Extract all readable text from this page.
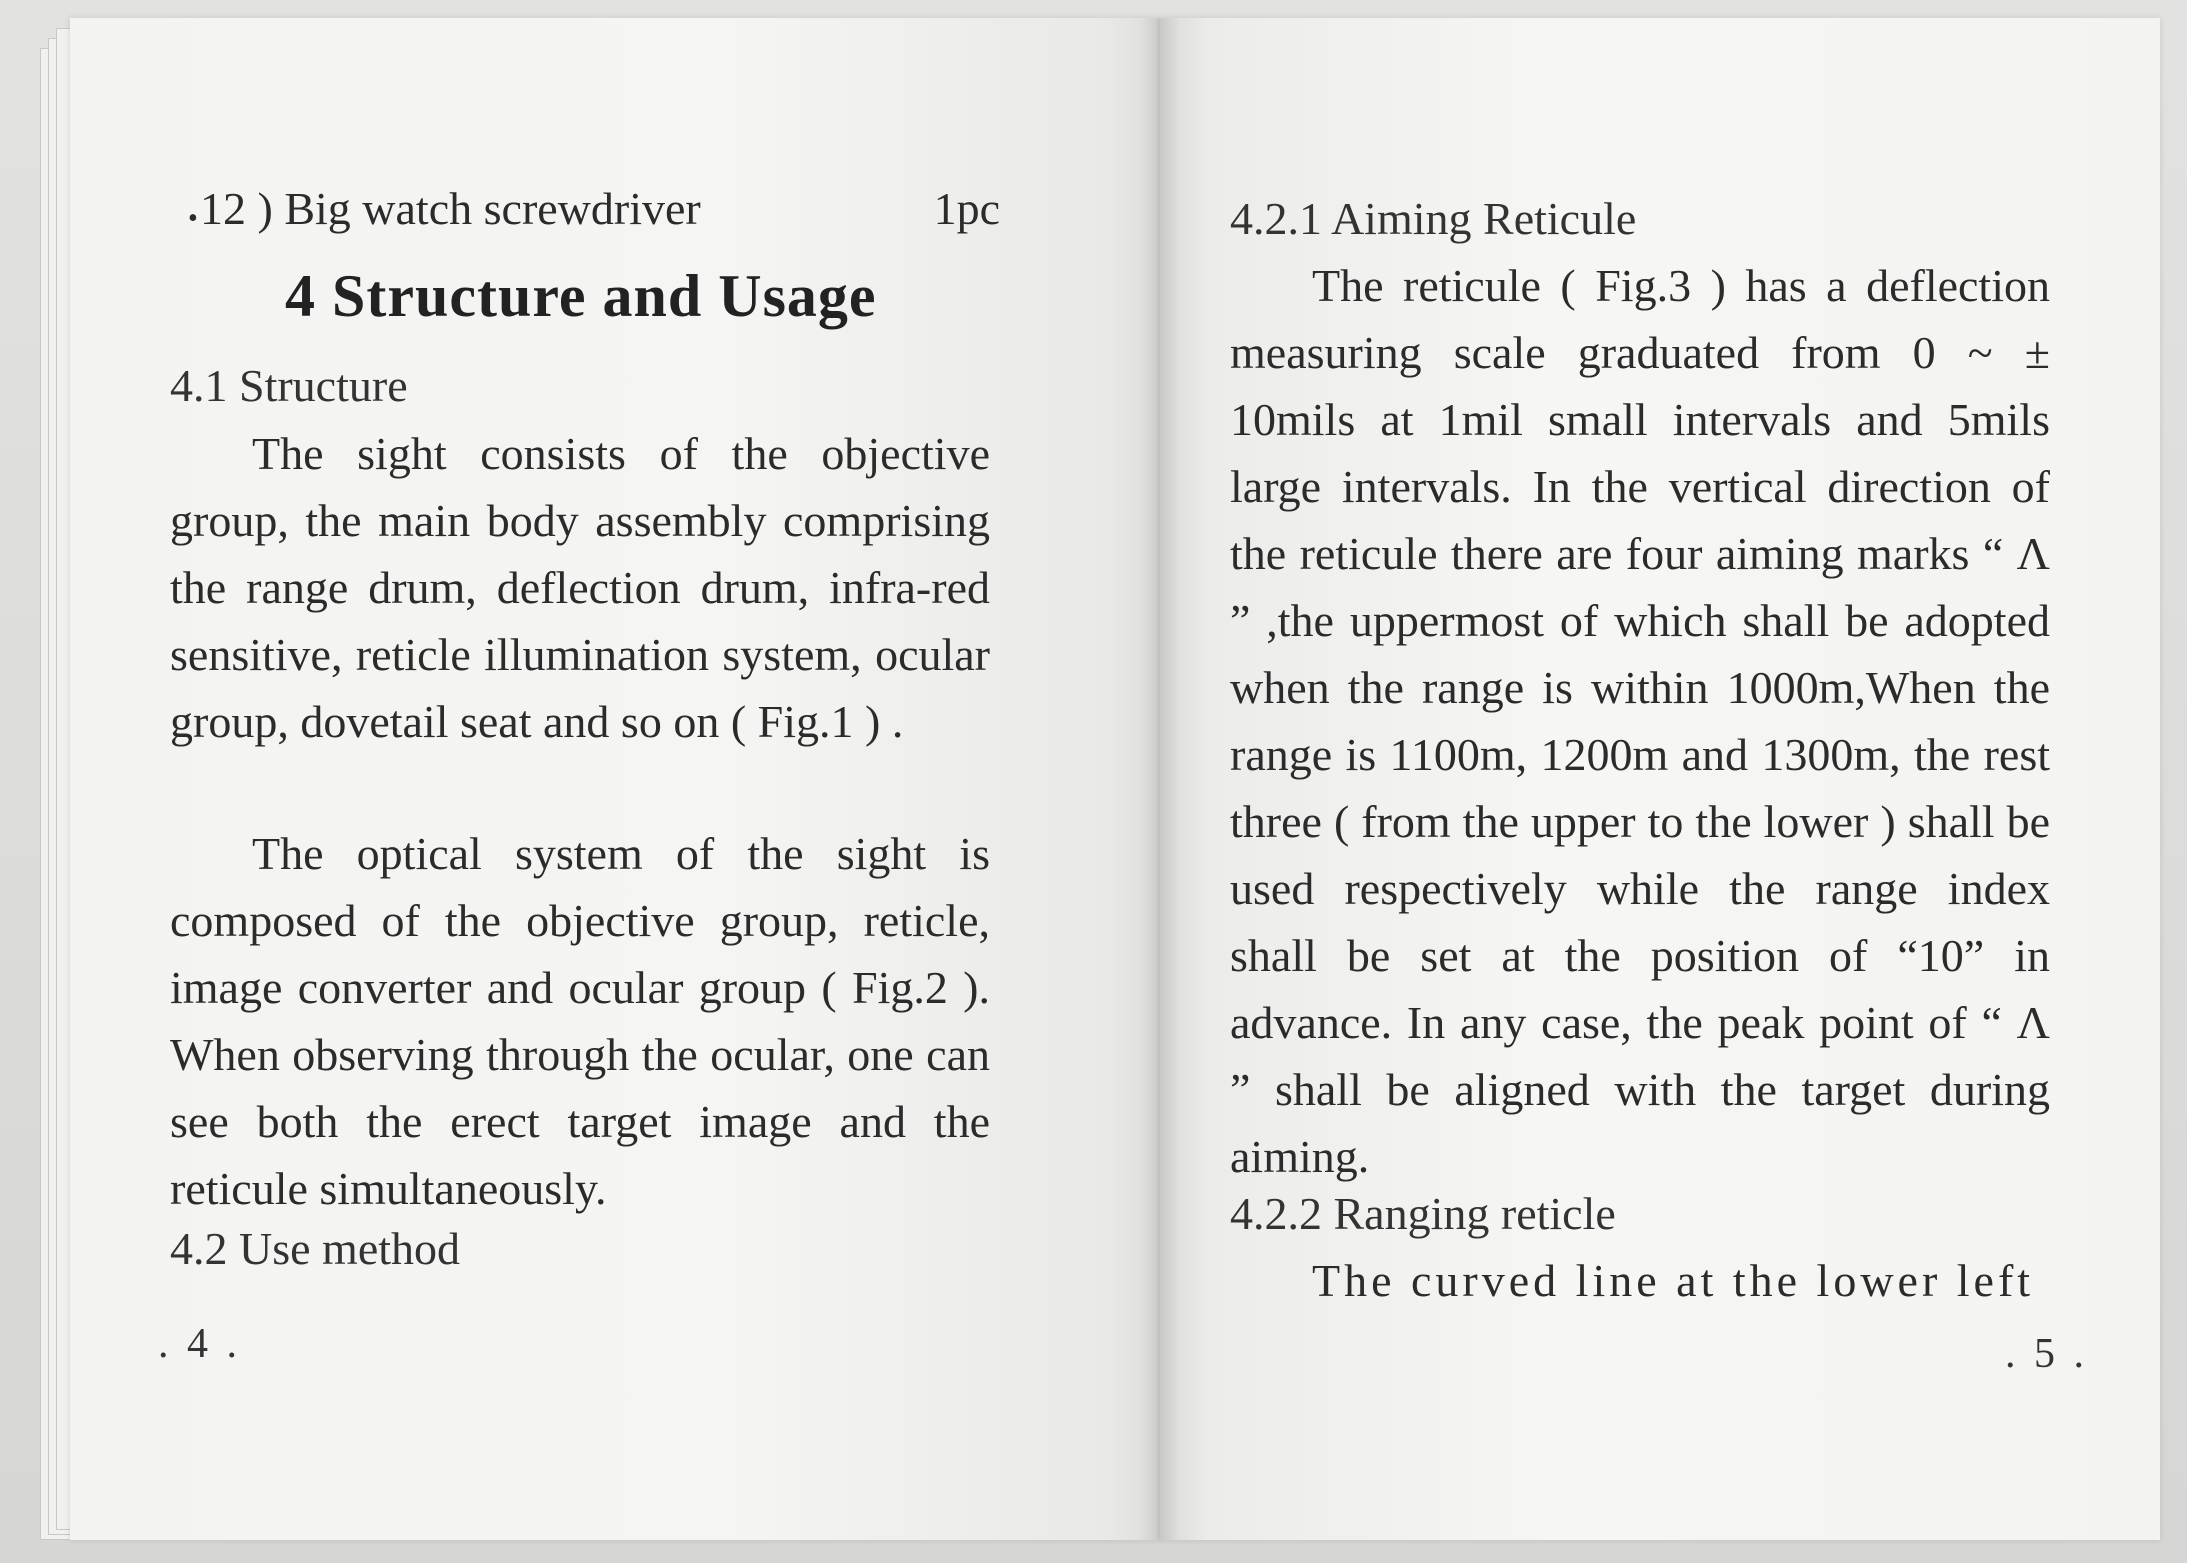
• 12 ) Big watch screwdriver	1pc
4 Structure and Usage
4.1 Structure
The sight consists of the objective group, the main body assembly comprising the range drum, deflection drum, infra-red sensitive, reticle illumination system, ocular group, dovetail seat and so on ( Fig.1 ) .
The optical system of the sight is composed of the objective group, reticle, image converter and ocular group ( Fig.2 ). When observing through the ocular, one can see both the erect target image and the reticule simultaneously.
4.2 Use method
. 4 .
4.2.1 Aiming Reticule
The reticule ( Fig.3 ) has a deflection measuring scale graduated from 0 ~ ± 10mils at 1mil small intervals and 5mils large intervals. In the vertical direction of the reticule there are four aiming marks “ Λ ” ,the uppermost of which shall be adopted when the range is within 1000m,When the range is 1100m, 1200m and 1300m, the rest three ( from the upper to the lower ) shall be used respectively while the range index shall be set at the position of “10” in advance. In any case, the peak point of “ Λ ” shall be aligned with the target during aiming.
4.2.2 Ranging reticle
The curved line at the lower left
. 5 .
